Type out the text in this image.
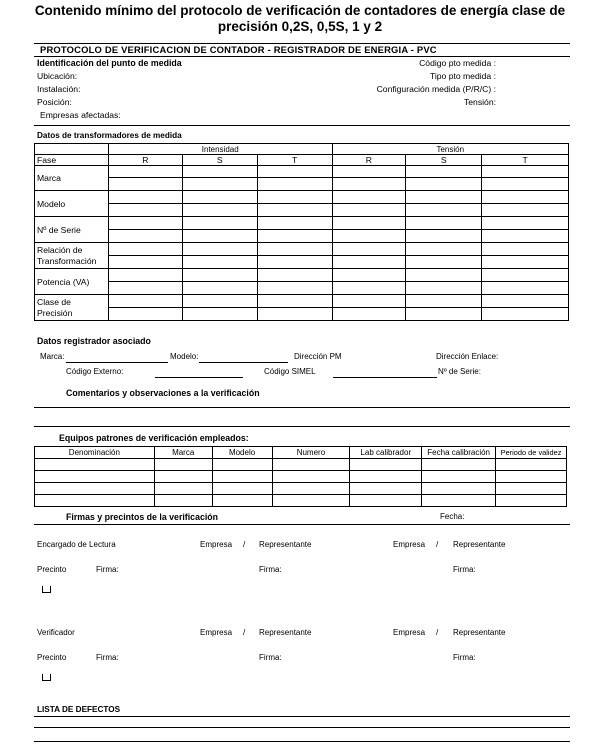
Contenido mínimo del protocolo de verificación de contadores de energía clase de
precisión 0,2S, 0,5S, 1 y 2
PROTOCOLO DE VERIFICACION DE CONTADOR - REGISTRADOR DE ENERGIA - PVC
Identificación del punto de medida
Ubicación:
Instalación:
Posición:
Empresas afectadas:
Código pto medida :
Tipo pto medida :
Configuración medida (P/R/C) :
Tensión:
Datos de transformadores de medida
	Intensidad			Tensión		
Fase	R	S	T	R	S	T
Marca						

Modelo						

Nº de Serie						

Relación de
Transformación						

Potencia (VA)						

Clase de
Precisión						

Datos registrador asociado
Marca:	Modelo:	Dirección PM	Dirección Enlace:
Código Externo:	Código SIMEL	Nº de Serie:
Comentarios y observaciones a la verificación
Equipos patrones de verificación empleados:
Denominación	Marca	Modelo	Numero	Lab calibrador	Fecha calibración	Periodo de validez

Firmas y precintos de la verificación	Fecha:
Encargado de Lectura	Empresa / Representante	Empresa / Representante
Precinto	Firma:	Firma:	Firma:
Verificador	Empresa / Representante	Empresa / Representante
Precinto	Firma:	Firma:	Firma:
LISTA DE DEFECTOS
